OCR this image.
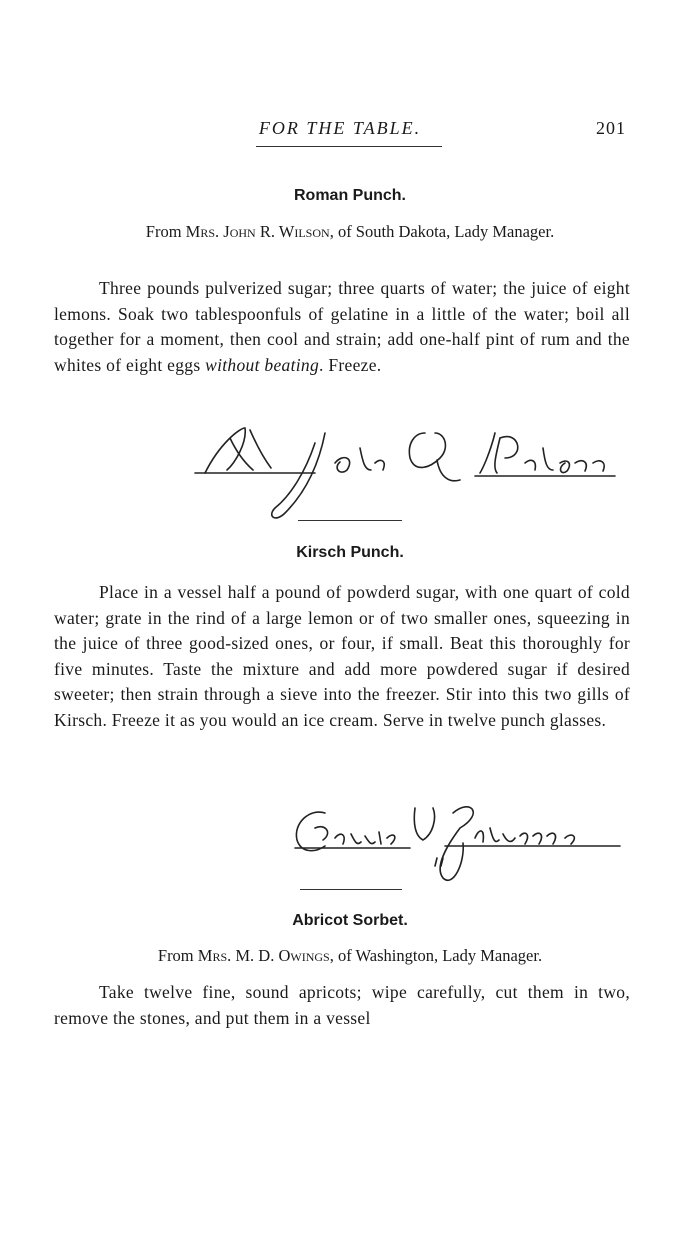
FOR THE TABLE.	201
Roman Punch.
From Mrs. John R. Wilson, of South Dakota, Lady Manager.
Three pounds pulverized sugar; three quarts of water; the juice of eight lemons. Soak two tablespoonfuls of gelatine in a little of the water; boil all together for a moment, then cool and strain; add one-half pint of rum and the whites of eight eggs without beating. Freeze.
Kirsch Punch.
Place in a vessel half a pound of powderd sugar, with one quart of cold water; grate in the rind of a large lemon or of two smaller ones, squeezing in the juice of three good-sized ones, or four, if small. Beat this thoroughly for five minutes. Taste the mixture and add more powdered sugar if desired sweeter; then strain through a sieve into the freezer. Stir into this two gills of Kirsch. Freeze it as you would an ice cream. Serve in twelve punch glasses.
Abricot Sorbet.
From Mrs. M. D. Owings, of Washington, Lady Manager.
Take twelve fine, sound apricots; wipe carefully, cut them in two, remove the stones, and put them in a vessel
